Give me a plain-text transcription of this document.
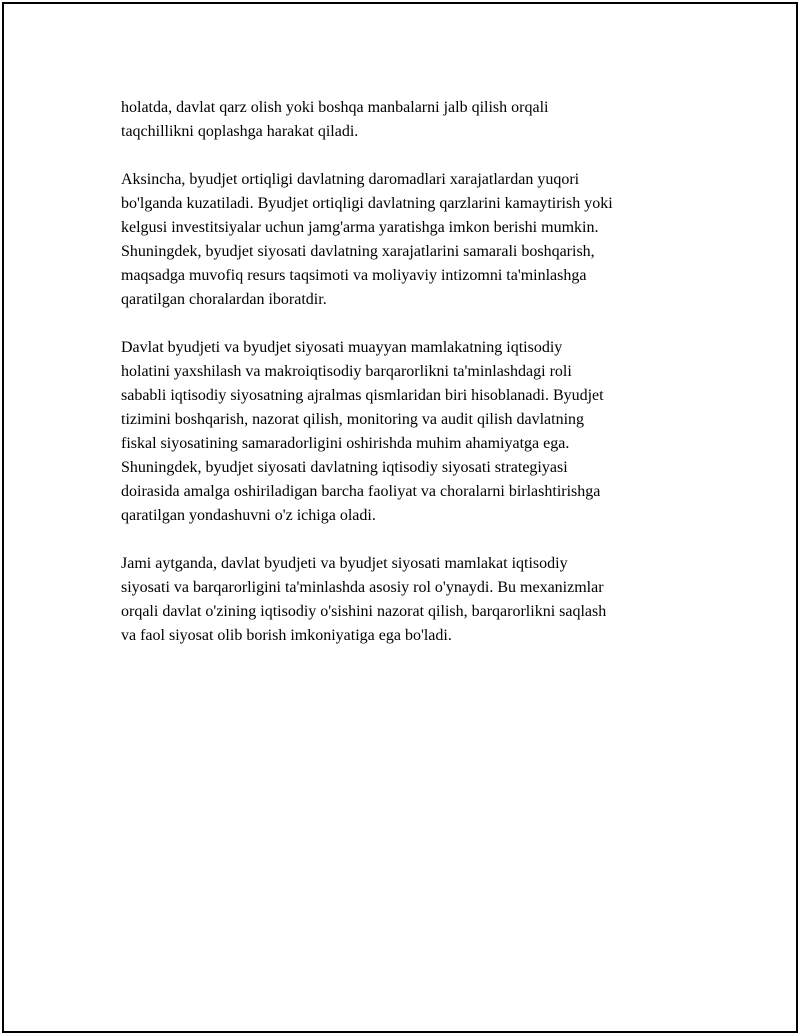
holatda, davlat qarz olish yoki boshqa manbalarni jalb qilish orqali
taqchillikni qoplashga harakat qiladi.
Aksincha, byudjet ortiqligi davlatning daromadlari xarajatlardan yuqori
bo'lganda kuzatiladi. Byudjet ortiqligi davlatning qarzlarini kamaytirish yoki
kelgusi investitsiyalar uchun jamg'arma yaratishga imkon berishi mumkin.
Shuningdek, byudjet siyosati davlatning xarajatlarini samarali boshqarish,
maqsadga muvofiq resurs taqsimoti va moliyaviy intizomni ta'minlashga
qaratilgan choralardan iboratdir.
Davlat byudjeti va byudjet siyosati muayyan mamlakatning iqtisodiy
holatini yaxshilash va makroiqtisodiy barqarorlikni ta'minlashdagi roli
sababli iqtisodiy siyosatning ajralmas qismlaridan biri hisoblanadi. Byudjet
tizimini boshqarish, nazorat qilish, monitoring va audit qilish davlatning
fiskal siyosatining samaradorligini oshirishda muhim ahamiyatga ega.
Shuningdek, byudjet siyosati davlatning iqtisodiy siyosati strategiyasi
doirasida amalga oshiriladigan barcha faoliyat va choralarni birlashtirishga
qaratilgan yondashuvni o'z ichiga oladi.
Jami aytganda, davlat byudjeti va byudjet siyosati mamlakat iqtisodiy
siyosati va barqarorligini ta'minlashda asosiy rol o'ynaydi. Bu mexanizmlar
orqali davlat o'zining iqtisodiy o'sishini nazorat qilish, barqarorlikni saqlash
va faol siyosat olib borish imkoniyatiga ega bo'ladi.
